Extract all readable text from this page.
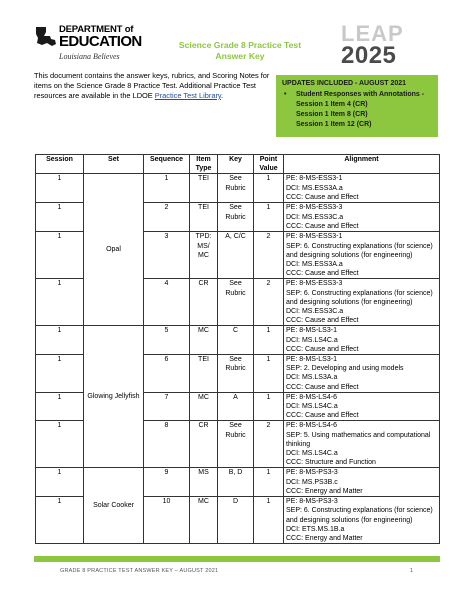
DEPARTMENT of
EDUCATION
Louisiana Believes
Science Grade 8 Practice Test
Answer Key
LEAP
2025
This document contains the answer keys, rubrics, and Scoring Notes for items on the Science Grade 8 Practice Test. Additional Practice Test resources are available in the LDOE Practice Test Library.
UPDATES INCLUDED - AUGUST 2021
• Student Responses with Annotations -
Session 1 Item 4 (CR)
Session 1 Item 8 (CR)
Session 1 Item 12 (CR)
Session	Set	Sequence	Item Type	Key	Point Value	Alignment
1	Opal	1	TEI	See Rubric	1	PE: 8-MS-ESS3-1
DCI: MS.ESS3A.a
CCC: Cause and Effect

1		2	TEI	See Rubric	1	PE: 8-MS-ESS3-3
DCI: MS.ESS3C.a
CCC: Cause and Effect

1		3	TPD: MS/ MC	A, C/C	2	PE: 8-MS-ESS3-1
SEP: 6. Constructing explanations (for science) and designing solutions (for engineering)
DCI: MS.ESS3A.a
CCC: Cause and Effect

1		4	CR	See Rubric	2	PE: 8-MS-ESS3-3
SEP: 6. Constructing explanations (for science) and designing solutions (for engineering)
DCI: MS.ESS3C.a
CCC: Cause and Effect

1	Glowing Jellyfish	5	MC	C	1	PE: 8-MS-LS3-1
DCI: MS.LS4C.a
CCC: Cause and Effect

1		6	TEI	See Rubric	1	PE: 8-MS-LS3-1
SEP: 2. Developing and using models
DCI: MS.LS3A.a
CCC: Cause and Effect

1		7	MC	A	1	PE: 8-MS-LS4-6
DCI: MS.LS4C.a
CCC: Cause and Effect

1		8	CR	See Rubric	2	PE: 8-MS-LS4-6
SEP: 5. Using mathematics and computational thinking
DCI: MS.LS4C.a
CCC: Structure and Function

1	Solar Cooker	9	MS	B, D	1	PE: 8-MS-PS3-3
DCI: MS.PS3B.c
CCC: Energy and Matter

1		10	MC	D	1	PE: 8-MS-PS3-3
SEP: 6. Constructing explanations (for science) and designing solutions (for engineering)
DCI: ETS.MS.1B.a
CCC: Energy and Matter
GRADE 8 PRACTICE TEST ANSWER KEY – AUGUST 2021	1
